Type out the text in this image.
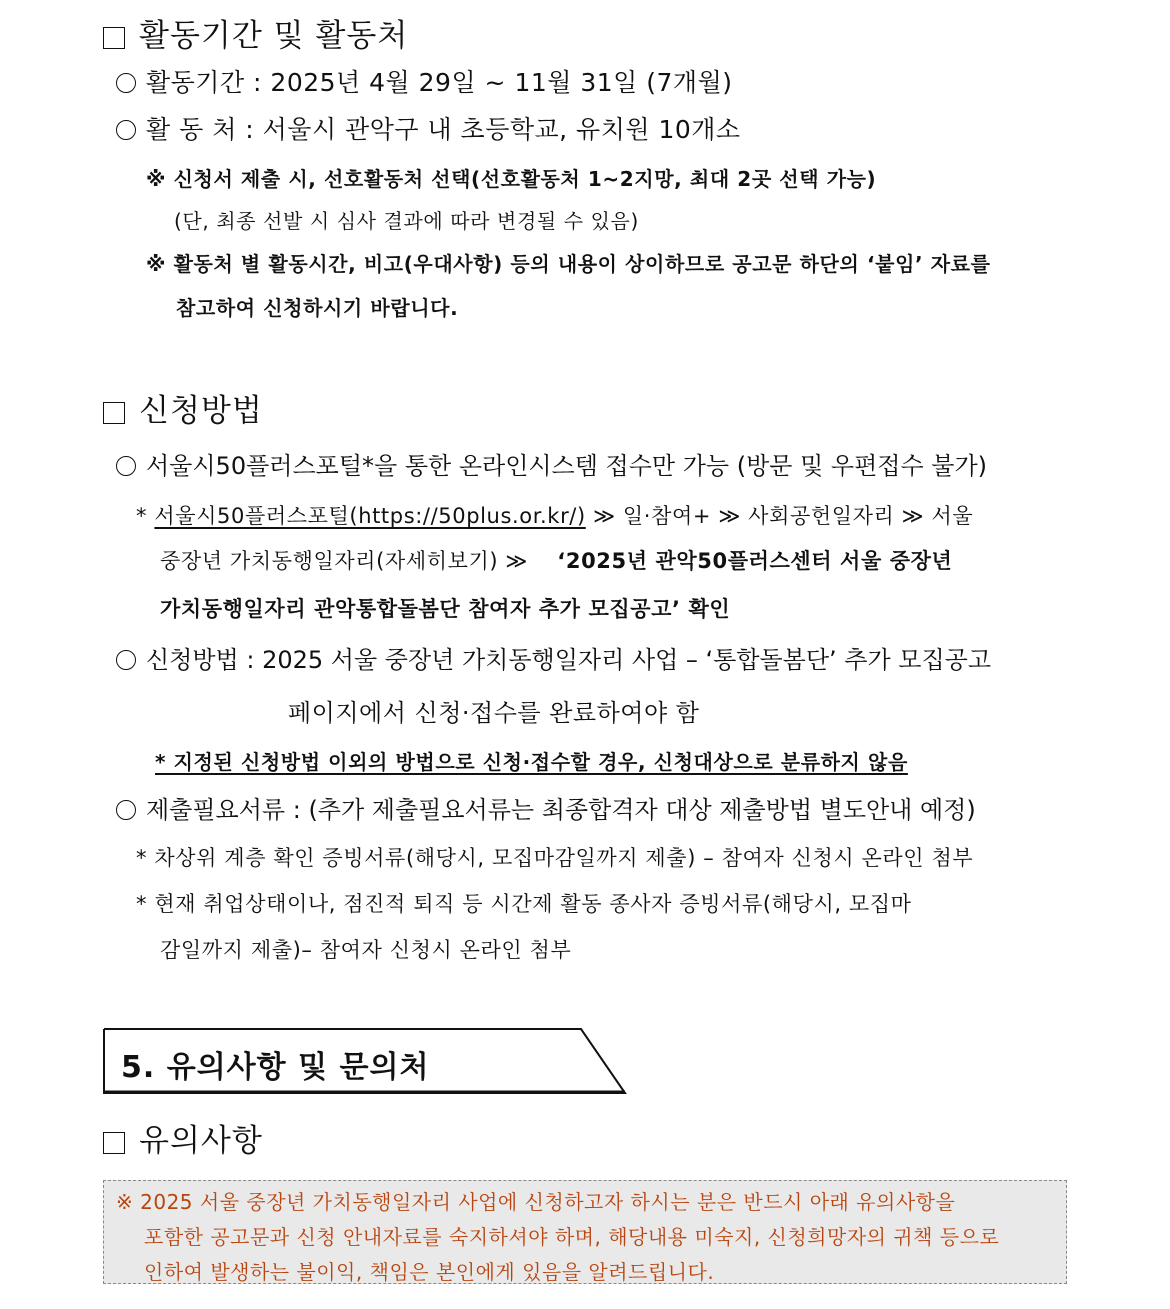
활동기간 및 활동처
활동기간 : 2025년 4월 29일 ~ 11월 31일 (7개월)
활 동 처 : 서울시 관악구 내 초등학교, 유치원 10개소
※ 신청서 제출 시, 선호활동처 선택(선호활동처 1~2지망, 최대 2곳 선택 가능)
(단, 최종 선발 시 심사 결과에 따라 변경될 수 있음)
※ 활동처 별 활동시간, 비고(우대사항) 등의 내용이 상이하므로 공고문 하단의 ‘붙임’ 자료를
참고하여 신청하시기 바랍니다.
신청방법
서울시50플러스포털*을 통한 온라인시스템 접수만 가능 (방문 및 우편접수 불가)
* 서울시50플러스포털(https://50plus.or.kr/) ≫ 일·참여+ ≫ 사회공헌일자리 ≫ 서울
중장년 가치동행일자리(자세히보기) ≫ ‘2025년 관악50플러스센터 서울 중장년
가치동행일자리 관악통합돌봄단 참여자 추가 모집공고’ 확인
신청방법 : 2025 서울 중장년 가치동행일자리 사업 – ‘통합돌봄단’ 추가 모집공고
페이지에서 신청·접수를 완료하여야 함
* 지정된 신청방법 이외의 방법으로 신청·접수할 경우, 신청대상으로 분류하지 않음
제출필요서류 : (추가 제출필요서류는 최종합격자 대상 제출방법 별도안내 예정)
* 차상위 계층 확인 증빙서류(해당시, 모집마감일까지 제출) – 참여자 신청시 온라인 첨부
* 현재 취업상태이나, 점진적 퇴직 등 시간제 활동 종사자 증빙서류(해당시, 모집마
감일까지 제출)– 참여자 신청시 온라인 첨부
5. 유의사항 및 문의처
유의사항
※ 2025 서울 중장년 가치동행일자리 사업에 신청하고자 하시는 분은 반드시 아래 유의사항을
포함한 공고문과 신청 안내자료를 숙지하셔야 하며, 해당내용 미숙지, 신청희망자의 귀책 등으로
인하여 발생하는 불이익, 책임은 본인에게 있음을 알려드립니다.
